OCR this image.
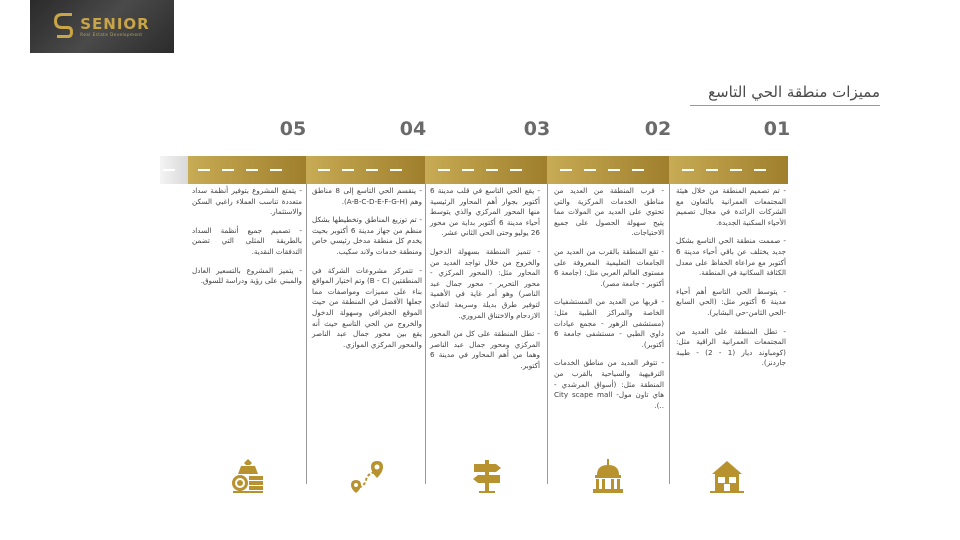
SENIOR
Real Estate Development
مميزات منطقة الحي التاسع
01
02
03
04
05

- تم تصميم المنطقة من خلال هيئة المجتمعات العمرانية بالتعاون مع الشركات الرائدة في مجال تصميم الأحياء السكنية الجديدة.

- صممت منطقة الحي التاسع بشكل جديد يختلف عن باقي أحياء مدينة 6 أكتوبر مع مراعاة الحفاظ على معدل الكثافة السكانية في المنطقة.

- يتوسط الحي التاسع أهم أحياء مدينة 6 أكتوبر مثل: (الحي السابع -الحي الثامن-حي البشاير).

- تطل المنطقة على العديد من المجتمعات العمرانية الراقية مثل: (كومباوند ديار (1 - 2) - طيبة جاردنز).

- قرب المنطقة من العديد من مناطق الخدمات المركزية والتي تحتوي على العديد من المولات مما يتيح سهولة الحصول على جميع الاحتياجات.

- تقع المنطقة بالقرب من العديد من الجامعات التعليمية المعروفة على مستوى العالم العربي مثل: (جامعة 6 أكتوبر - جامعة مصر).

- قربها من العديد من المستشفيات الخاصة والمراكز الطبية مثل: (مستشفى الزهور - مجمع عيادات داوي الطبي - مستشفى جامعة 6 أكتوبر).

- تتوفر العديد من مناطق الخدمات الترفيهية والسياحية بالقرب من المنطقة مثل: (أسواق المرشدي - هاي تاون مول- City scape mall ..).

- يقع الحي التاسع في قلب مدينة 6 أكتوبر بجوار أهم المحاور الرئيسية منها المحور المركزي والذي يتوسط أحياء مدينة 6 أكتوبر بداية من محور 26 يوليو وحتى الحي الثاني عشر.

- تتميز المنطقة بسهولة الدخول والخروج من خلال تواجد العديد من المحاور مثل: (المحور المركزي - محور التحرير - محور جمال عبد الناصر) وهو أمر غاية في الأهمية لتوفير طرق بديلة وسريعة لتفادي الازدحام والاختناق المروري.

- تطل المنطقة على كل من المحور المركزي ومحور جمال عبد الناصر وهما من أهم المحاور في مدينة 6 أكتوبر.

- ينقسم الحي التاسع إلى 8 مناطق وهم (A-B-C-D-E-F-G-H).

- تم توزيع المناطق وتخطيطها بشكل منظم من جهاز مدينة 6 أكتوبر بحيث يخدم كل منطقة مدخل رئيسي خاص ومنطقة خدمات ولاند سكيب.

- تتمركز مشروعات الشركة في المنطقتين (B - C) وتم اختيار المواقع بناء على مميزات ومواصفات مما جعلها الأفضل في المنطقة من حيث الموقع الجغرافي وسهولة الدخول والخروج من الحي التاسع حيث أنه يقع بين محور جمال عبد الناصر والمحور المركزي الموازي.

- يتمتع المشروع بتوفير أنظمة سداد متعددة تناسب العملاء راغبي السكن والاستثمار.

- تصميم جميع أنظمة السداد بالطريقة المثلى التي تضمن التدفقات النقدية.

- يتميز المشروع بالتسعير العادل والمبني على رؤية ودراسة للسوق.
